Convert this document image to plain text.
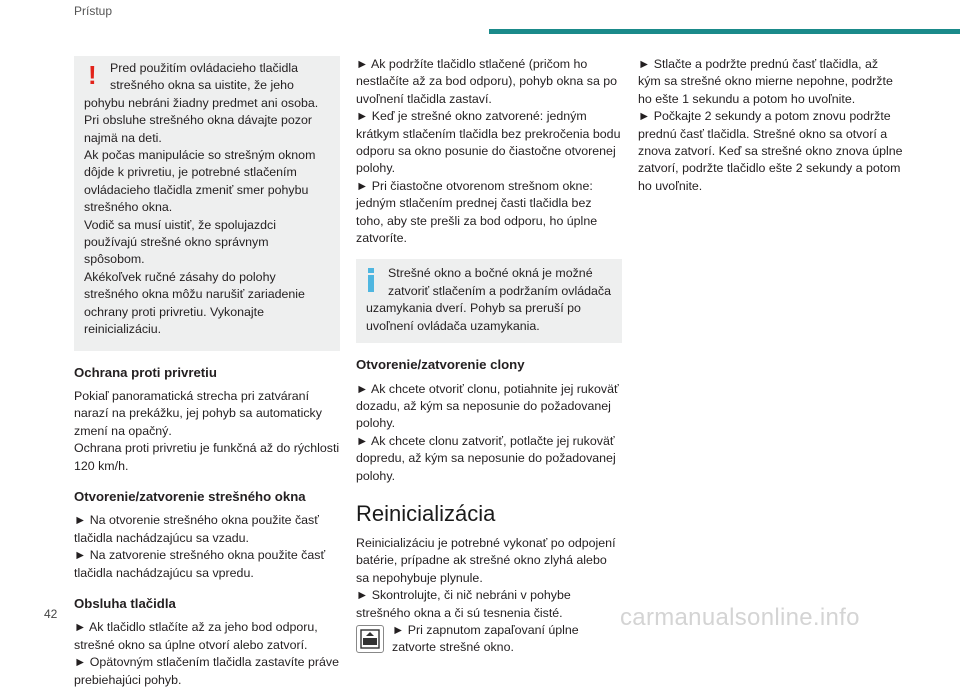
Prístup
!	Pred použitím ovládacieho tlačidla strešného okna sa uistite, že jeho pohybu nebráni žiadny predmet ani osoba.

Pri obsluhe strešného okna dávajte pozor najmä na deti.

Ak počas manipulácie so strešným oknom dôjde k privretiu, je potrebné stlačením ovládacieho tlačidla zmeniť smer pohybu strešného okna.

Vodič sa musí uistiť, že spolujazdci používajú strešné okno správnym spôsobom.

Akékoľvek ručné zásahy do polohy strešného okna môžu narušiť zariadenie ochrany proti privretiu. Vykonajte reinicializáciu.

Ochrana proti privretiu

Pokiaľ panoramatická strecha pri zatváraní narazí na prekážku, jej pohyb sa automaticky zmení na opačný.

Ochrana proti privretiu je funkčná až do rýchlosti 120 km/h.

Otvorenie/zatvorenie strešného okna

► Na otvorenie strešného okna použite časť tlačidla nachádzajúcu sa vzadu.

► Na zatvorenie strešného okna použite časť tlačidla nachádzajúcu sa vpredu.

Obsluha tlačidla

► Ak tlačidlo stlačíte až za jeho bod odporu, strešné okno sa úplne otvorí alebo zatvorí.

► Opätovným stlačením tlačidla zastavíte práve prebiehajúci pohyb.

► Ak podržíte tlačidlo stlačené (pričom ho nestlačíte až za bod odporu), pohyb okna sa po uvoľnení tlačidla zastaví.

► Keď je strešné okno zatvorené: jedným krátkym stlačením tlačidla bez prekročenia bodu odporu sa okno posunie do čiastočne otvorenej polohy.

► Pri čiastočne otvorenom strešnom okne: jedným stlačením prednej časti tlačidla bez toho, aby ste prešli za bod odporu, ho úplne zatvoríte.

Strešné okno a bočné okná je možné zatvoriť stlačením a podržaním ovládača uzamykania dverí. Pohyb sa preruší po uvoľnení ovládača uzamykania.

Otvorenie/zatvorenie clony

► Ak chcete otvoriť clonu, potiahnite jej rukoväť dozadu, až kým sa neposunie do požadovanej polohy.

► Ak chcete clonu zatvoriť, potlačte jej rukoväť dopredu, až kým sa neposunie do požadovanej polohy.

Reinicializácia

Reinicializáciu je potrebné vykonať po odpojení batérie, prípadne ak strešné okno zlyhá alebo sa nepohybuje plynule.

► Skontrolujte, či nič nebráni v pohybe strešného okna a či sú tesnenia čisté.

► Pri zapnutom zapaľovaní úplne zatvorte strešné okno.

► Stlačte a podržte prednú časť tlačidla, až kým sa strešné okno mierne nepohne, podržte ho ešte 1 sekundu a potom ho uvoľnite.

► Počkajte 2 sekundy a potom znovu podržte prednú časť tlačidla. Strešné okno sa otvorí a znova zatvorí. Keď sa strešné okno znova úplne zatvorí, podržte tlačidlo ešte 2 sekundy a potom ho uvoľnite.

42	carmanualsonline.info
